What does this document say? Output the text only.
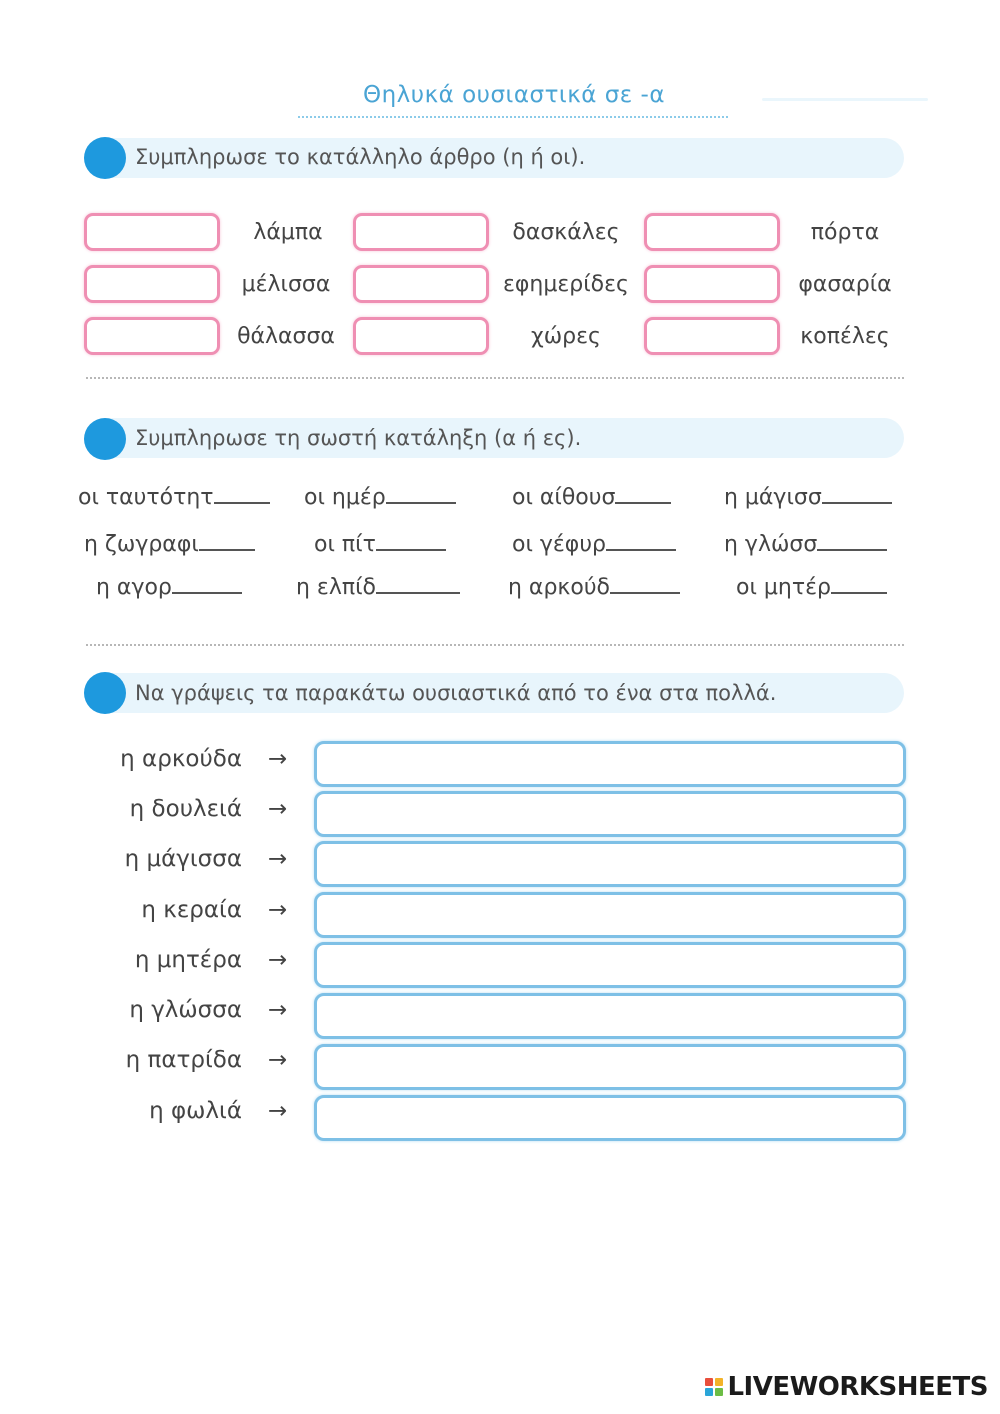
Θηλυκά ουσιαστικά σε -α
Συμπληρωσε το κατάλληλο άρθρο (η ή οι).
λάμπα	δασκάλες	πόρτα
μέλισσα	εφημερίδες	φασαρία
θάλασσα	χώρες	κοπέλες
Συμπληρωσε τη σωστή κατάληξη (α ή ες).
οι ταυτότητ	οι ημέρ	οι αίθουσ	η μάγισσ
η ζωγραφι	οι πίτ	οι γέφυρ	η γλώσσ
η αγορ	η ελπίδ	η αρκούδ	οι μητέρ
Να γράψεις τα παρακάτω ουσιαστικά από το ένα στα πολλά.
η αρκούδα →
η δουλειά →
η μάγισσα →
η κεραία →
η μητέρα →
η γλώσσα →
η πατρίδα →
η φωλιά →
LIVEWORKSHEETS
